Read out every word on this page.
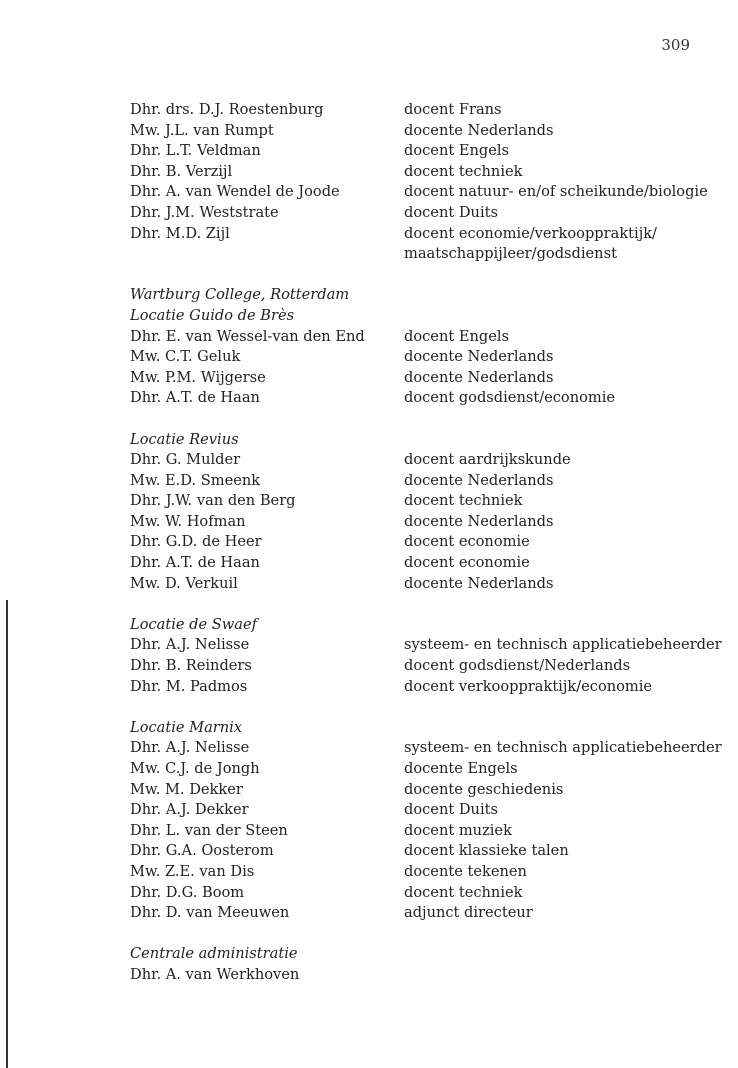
309
Dhr. drs. D.J. Roestenburg	docent Frans
Mw. J.L. van Rumpt	docente Nederlands
Dhr. L.T. Veldman	docent Engels
Dhr. B. Verzijl	docent techniek
Dhr. A. van Wendel de Joode	docent natuur- en/of scheikunde/biologie
Dhr. J.M. Weststrate	docent Duits
Dhr. M.D. Zijl	docent economie/verkooppraktijk/
maatschappijleer/godsdienst
Wartburg College, Rotterdam
Locatie Guido de Brès
Dhr. E. van Wessel-van den End	docent Engels
Mw. C.T. Geluk	docente Nederlands
Mw. P.M. Wijgerse	docente Nederlands
Dhr. A.T. de Haan	docent godsdienst/economie
Locatie Revius
Dhr. G. Mulder	docent aardrijkskunde
Mw. E.D. Smeenk	docente Nederlands
Dhr. J.W. van den Berg	docent techniek
Mw. W. Hofman	docente Nederlands
Dhr. G.D. de Heer	docent economie
Dhr. A.T. de Haan	docent economie
Mw. D. Verkuil	docente Nederlands
Locatie de Swaef
Dhr. A.J. Nelisse	systeem- en technisch applicatiebeheerder
Dhr. B. Reinders	docent godsdienst/Nederlands
Dhr. M. Padmos	docent verkooppraktijk/economie
Locatie Marnix
Dhr. A.J. Nelisse	systeem- en technisch applicatiebeheerder
Mw. C.J. de Jongh	docente Engels
Mw. M. Dekker	docente geschiedenis
Dhr. A.J. Dekker	docent Duits
Dhr. L. van der Steen	docent muziek
Dhr. G.A. Oosterom	docent klassieke talen
Mw. Z.E. van Dis	docente tekenen
Dhr. D.G. Boom	docent techniek
Dhr. D. van Meeuwen	adjunct directeur
Centrale administratie
Dhr. A. van Werkhoven
